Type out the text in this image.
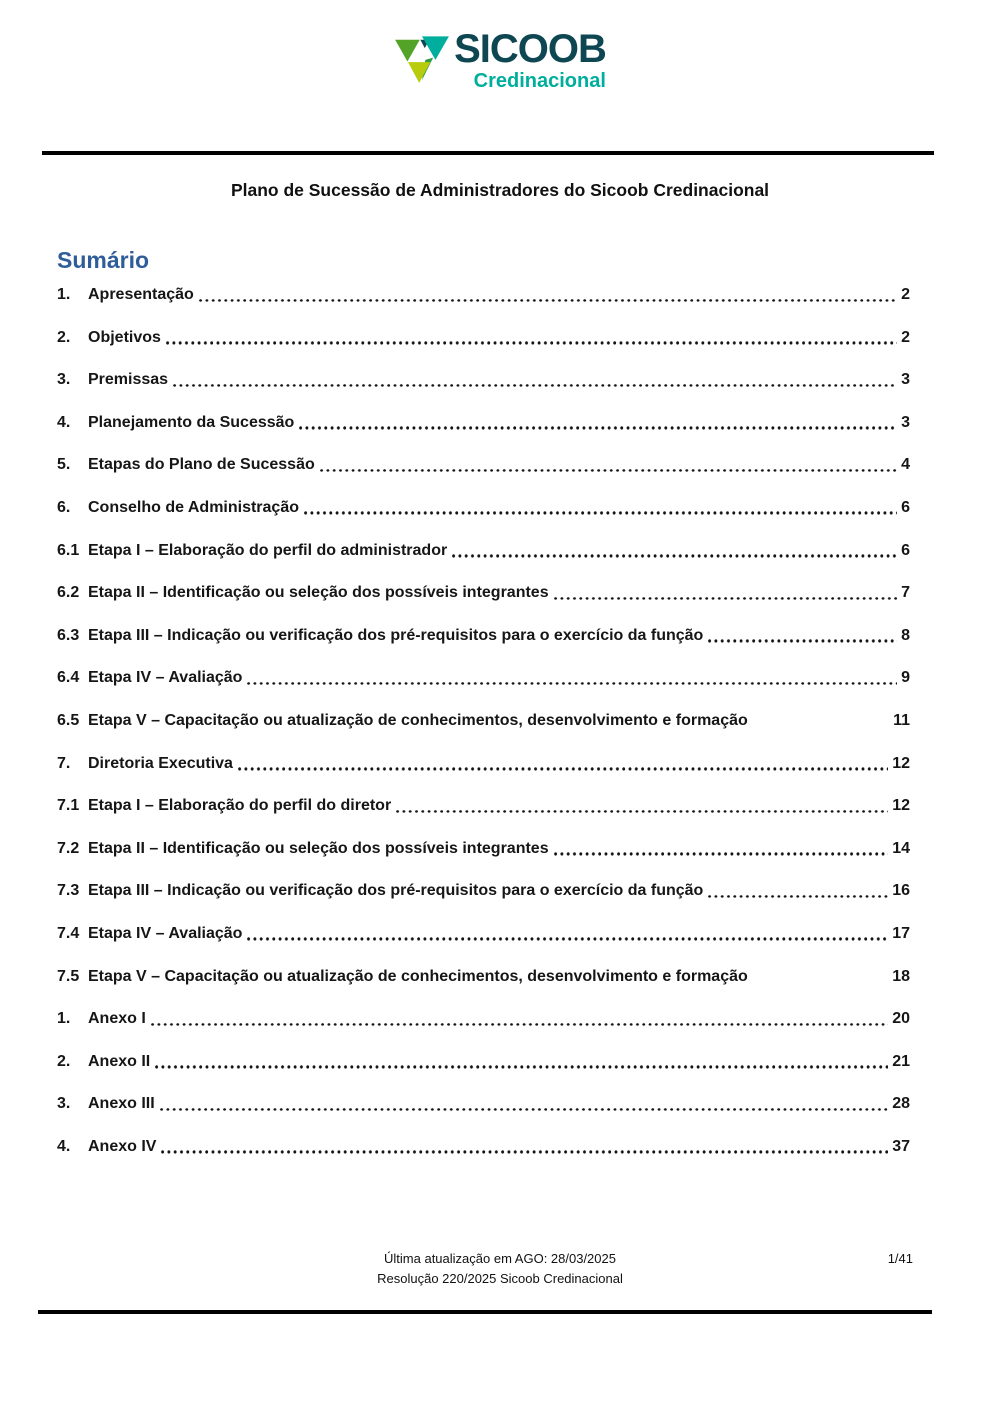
SICOOB
Credinacional
Plano de Sucessão de Administradores do Sicoob Credinacional
Sumário
1.	Apresentação	2
2.	Objetivos	2
3.	Premissas	3
4.	Planejamento da Sucessão	3
5.	Etapas do Plano de Sucessão	4
6.	Conselho de Administração	6
6.1 Etapa I – Elaboração do perfil do administrador	6
6.2 Etapa II – Identificação ou seleção dos possíveis integrantes	7
6.3 Etapa III – Indicação ou verificação dos pré-requisitos para o exercício da função	8
6.4 Etapa IV – Avaliação	9
6.5 Etapa V – Capacitação ou atualização de conhecimentos, desenvolvimento e formação	11
7.	Diretoria Executiva	12
7.1 Etapa I – Elaboração do perfil do diretor	12
7.2 Etapa II – Identificação ou seleção dos possíveis integrantes	14
7.3 Etapa III – Indicação ou verificação dos pré-requisitos para o exercício da função	16
7.4 Etapa IV – Avaliação	17
7.5 Etapa V – Capacitação ou atualização de conhecimentos, desenvolvimento e formação	18
1.	Anexo I	20
2.	Anexo II	21
3.	Anexo III	28
4.	Anexo IV	37
Última atualização em AGO: 28/03/2025
Resolução 220/2025 Sicoob Credinacional
1/41
